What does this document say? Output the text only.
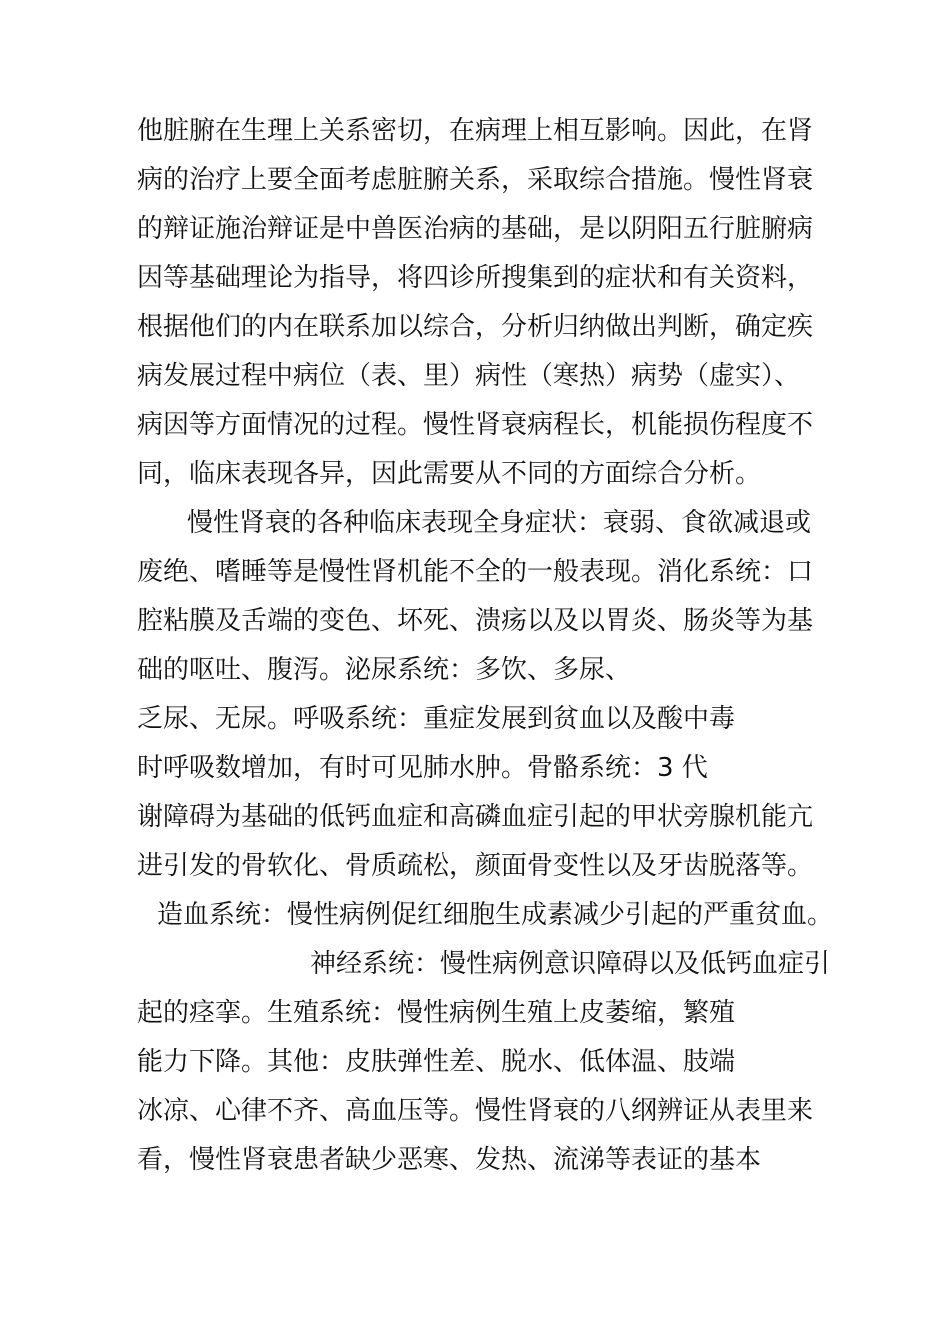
他脏腑在生理上关系密切，在病理上相互影响。因此，在肾
病的治疗上要全面考虑脏腑关系，采取综合措施。慢性肾衰
的辩证施治辩证是中兽医治病的基础，是以阴阳五行脏腑病
因等基础理论为指导，将四诊所搜集到的症状和有关资料，
根据他们的内在联系加以综合，分析归纳做出判断，确定疾
病发展过程中病位（表、里）病性（寒热）病势（虚实）、
病因等方面情况的过程。慢性肾衰病程长，机能损伤程度不
同，临床表现各异，因此需要从不同的方面综合分析。
慢性肾衰的各种临床表现全身症状：衰弱、食欲减退或
废绝、嗜睡等是慢性肾机能不全的一般表现。消化系统：口
腔粘膜及舌端的变色、坏死、溃疡以及以胃炎、肠炎等为基
础的呕吐、腹泻。泌尿系统：多饮、多尿、
乏尿、无尿。呼吸系统：重症发展到贫血以及酸中毒
时呼吸数增加，有时可见肺水肿。骨骼系统：3 代
谢障碍为基础的低钙血症和高磷血症引起的甲状旁腺机能亢
进引发的骨软化、骨质疏松，颜面骨变性以及牙齿脱落等。
造血系统：慢性病例促红细胞生成素减少引起的严重贫血。
神经系统：慢性病例意识障碍以及低钙血症引
起的痉挛。生殖系统：慢性病例生殖上皮萎缩，繁殖
能力下降。其他：皮肤弹性差、脱水、低体温、肢端
冰凉、心律不齐、高血压等。慢性肾衰的八纲辨证从表里来
看，慢性肾衰患者缺少恶寒、发热、流涕等表证的基本
